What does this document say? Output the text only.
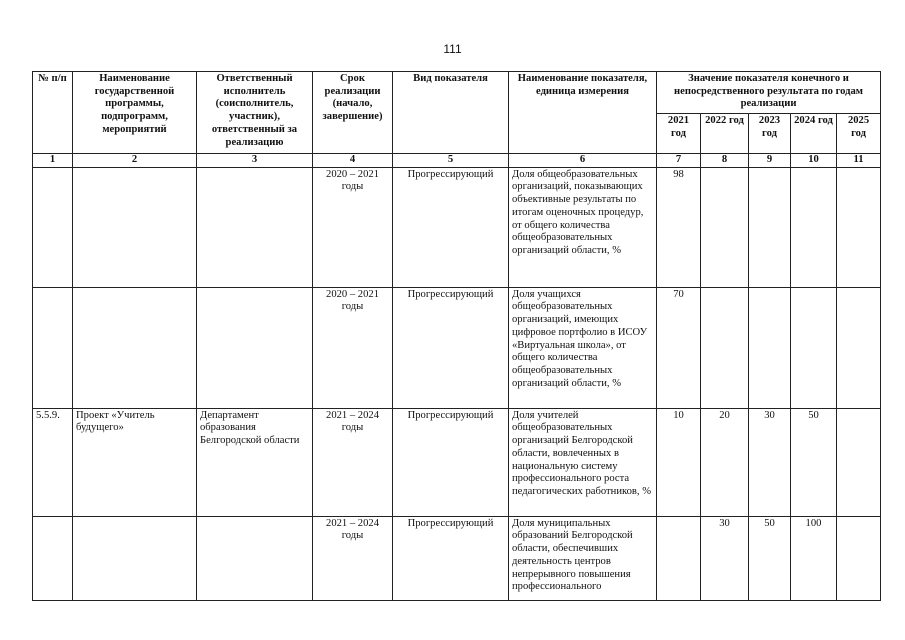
111
№ п/п	Наименование государственной программы, подпрограмм, мероприятий	Ответственный исполнитель (соисполнитель, участник), ответственный за реализацию	Срок реализации (начало, завершение)	Вид показателя	Наименование показателя, единица измерения	Значение показателя конечного и непосредственного результата по годам реализации				
						2021 год	2022 год	2023 год	2024 год	2025 год
1	2	3	4	5	6	7	8	9	10	11
			2020 – 2021 годы	Прогрессирующий	Доля общеобразовательных организаций, показывающих объективные результаты по итогам оценочных процедур, от общего количества общеобразовательных организаций области, %	98				
			2020 – 2021 годы	Прогрессирующий	Доля учащихся общеобразовательных организаций, имеющих цифровое портфолио в ИСОУ «Виртуальная школа», от общего количества общеобразовательных организаций области, %	70				
5.5.9.	Проект «Учитель будущего»	Департамент образования Белгородской области	2021 – 2024 годы	Прогрессирующий	Доля учителей общеобразовательных организаций Белгородской области, вовлеченных в национальную систему профессионального роста педагогических работников, %	10	20	30	50	
			2021 – 2024 годы	Прогрессирующий	Доля муниципальных образований Белгородской области, обеспечивших деятельность центров непрерывного повышения профессионального		30	50	100	
